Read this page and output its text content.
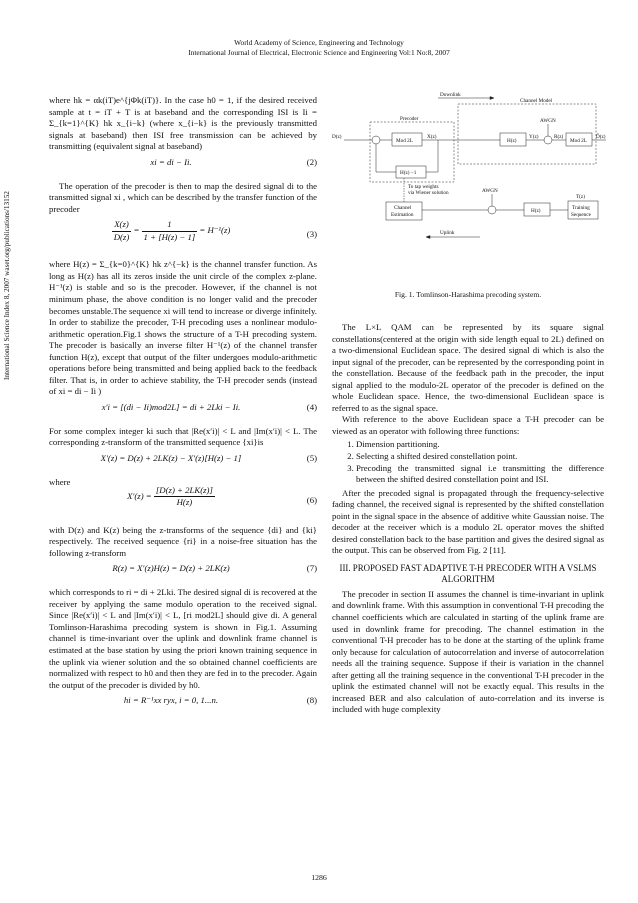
World Academy of Science, Engineering and Technology
International Journal of Electrical, Electronic Science and Engineering Vol:1 No:8, 2007
International Science Index 8, 2007 waset.org/publications/13152

where hk = αk(iT)e^{jΦk(iT)}. In the case h0 = 1, if the desired received sample at t = iT + T is at baseband and the corresponding ISI is Ii = Σ_{k=1}^{K} hk x_{i−k} (where x_{i−k} is the previously transmitted signals at baseband) then ISI free transmission can be achieved by transmitting (equivalent signal at baseband)

xi = di − Ii.	(2)

The operation of the precoder is then to map the desired signal di to the transmitted signal xi , which can be described by the transfer function of the precoder

$\frac{X(z)}{D(z)} = \frac{1}{1 + [H(z) - 1]} = H^{-1}(z)$	(3)

where H(z) = Σ_{k=0}^{K} hk z^{−k} is the channel transfer function. As long as H(z) has all its zeros inside the unit circle of the complex z-plane. H⁻¹(z) is stable and so is the precoder. However, if the channel is not minimum phase, the above condition is no longer valid and the precoder becomes unstable.The sequence xi will tend to increase or diverge infinitely. In order to stabilize the precoder, T-H precoding uses a nonlinear modulo-arithmetic operation.Fig.1 shows the structure of a T-H precoding system. The precoder is basically an inverse filter H⁻¹(z) of the channel transfer function H(z), except that output of the filter undergoes modulo-arithmetic operations before being transmitted and being applied back to the feedback filter. That is, in order to achieve stability, the T-H precoder sends (instead of xi = di − Ii )

x′i = [(di − Ii)mod2L] = di + 2Lki − Ii.	(4)

For some complex integer ki such that |Re(x′i)| < L and |Im(x′i)| < L. The corresponding z-transform of the transmitted sequence {xi}is

X′(z) = D(z) + 2LK(z) − X′(z)[H(z) − 1]	(5)

where

$X'(z) = \frac{[D(z) + 2LK(z)]}{H(z)}$	(6)

with D(z) and K(z) being the z-transforms of the sequence {di} and {ki} respectively. The received sequence {ri} in a noise-free situation has the following z-transform

R(z) = X′(z)H(z) = D(z) + 2LK(z)	(7)

which corresponds to ri = di + 2Lki. The desired signal di is recovered at the receiver by applying the same modulo operation to the received signal. Since |Re(x′i)| < L and |Im(x′i)| < L, [ri mod2L] should give di. A general Tomlinson-Harashima precoding system is shown in Fig.1. Assuming channel is time-invariant over the uplink and downlink frame channel is estimated at the base station by using the priori known training sequence in the uplink via wiener solution and the so obtained channel coefficients are normalized with respect to h0 and then they are fed in to the precoder. Again the output of the precoder is divided by h0.

hi = R⁻¹xx ryx, i = 0, 1...n.	(8)
Downlink
Channel Model
AWGN
Precoder
D(z)
Mod 2L
X(z)
H(z)
Y(z)	R(z)
Mod 2L
D̂(z)
H(z) −1
To tap weights
via Wiener solution	AWGN
Channel
Estimation
H(z)
T(z)
Training
Sequence
Uplink
Fig. 1. Tomlinson-Harashima precoding system.

The L×L QAM can be represented by its square signal constellations(centered at the origin with side length equal to 2L) defined on a two-dimensional Euclidean space. The desired signal di which is also the input signal of the precoder, can be represented by the corresponding point in the constellation. Because of the feedback path in the precoder, the input signal applied to the modulo-2L operator of the precoder is defined on the whole Euclidean space. Hence, the two-dimensional Euclidean space is referred to as the signal space.

With reference to the above Euclidean space a T-H precoder can be viewed as an operator with following three functions:

1. Dimension partitioning.
2. Selecting a shifted desired constellation point.
3. Precoding the transmitted signal i.e transmitting the difference between the shifted desired constellation point and ISI.

After the precoded signal is propagated through the frequency-selective fading channel, the received signal is represented by the shifted constellation point in the signal space in the absence of additive white Gaussian noise. The decoder at the receiver which is a modulo 2L operator moves the shifted desired constellation back to the base partition and gives the desired signal as the output. This can be observed from Fig. 2 [11].

III. PROPOSED FAST ADAPTIVE T-H PRECODER WITH A VSLMS ALGORITHM

The precoder in section II assumes the channel is time-invariant in uplink and downlink frame. With this assumption in conventional T-H precoding the channel coefficients which are calculated in starting of the uplink frame are used in downlink frame for precoding. The channel estimation in the conventional T-H precoder has to be done at the starting of the uplink frame only because for calculation of autocorrelation and inverse of autocorrelation needs all the training sequence. Suppose if their is variation in the channel after getting all the training sequence in the conventional T-H precoder in the uplink the estimated channel will not be exactly equal. This results in the increased BER and also calculation of auto-correlation and its inverse is included with huge complexity

1286
